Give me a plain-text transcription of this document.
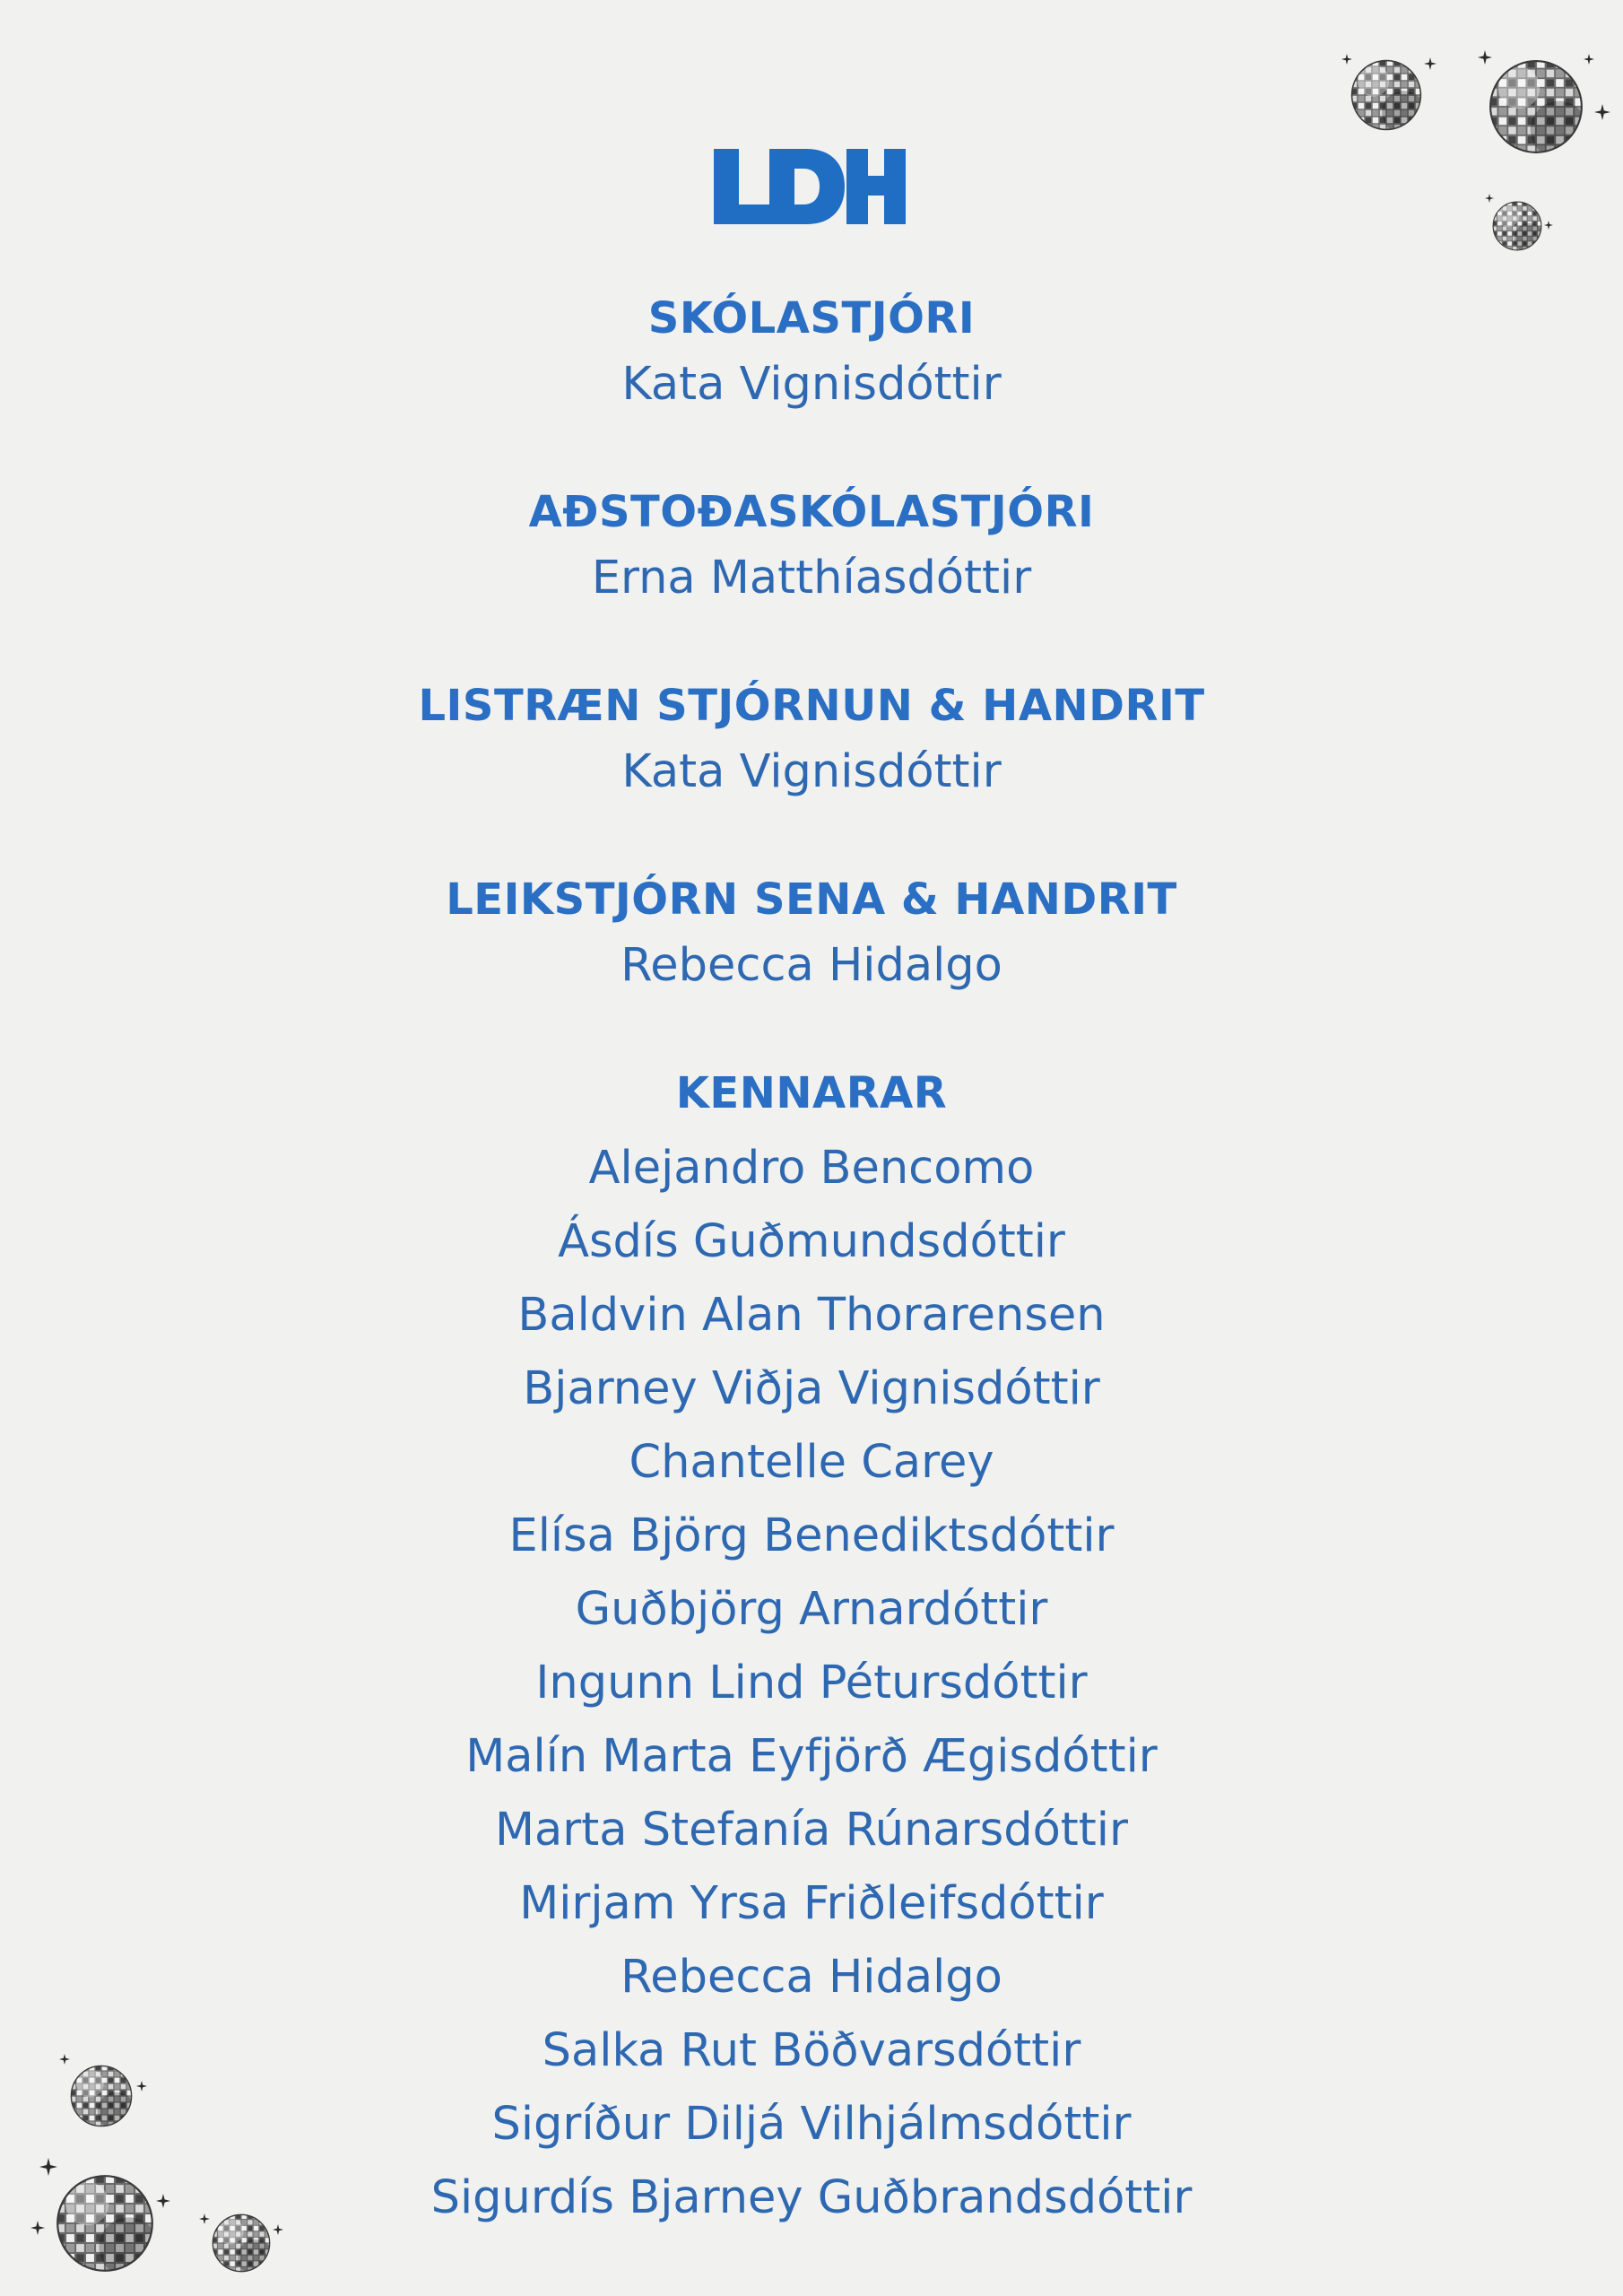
SKÓLASTJÓRI
Kata Vignisdóttir
AÐSTOÐASKÓLASTJÓRI
Erna Matthíasdóttir
LISTRÆN STJÓRNUN & HANDRIT
Kata Vignisdóttir
LEIKSTJÓRN SENA & HANDRIT
Rebecca Hidalgo
KENNARAR
Alejandro Bencomo
Ásdís Guðmundsdóttir
Baldvin Alan Thorarensen
Bjarney Viðja Vignisdóttir
Chantelle Carey
Elísa Björg Benediktsdóttir
Guðbjörg Arnardóttir
Ingunn Lind Pétursdóttir
Malín Marta Eyfjörð Ægisdóttir
Marta Stefanía Rúnarsdóttir
Mirjam Yrsa Friðleifsdóttir
Rebecca Hidalgo
Salka Rut Böðvarsdóttir
Sigríður Diljá Vilhjálmsdóttir
Sigurdís Bjarney Guðbrandsdóttir
